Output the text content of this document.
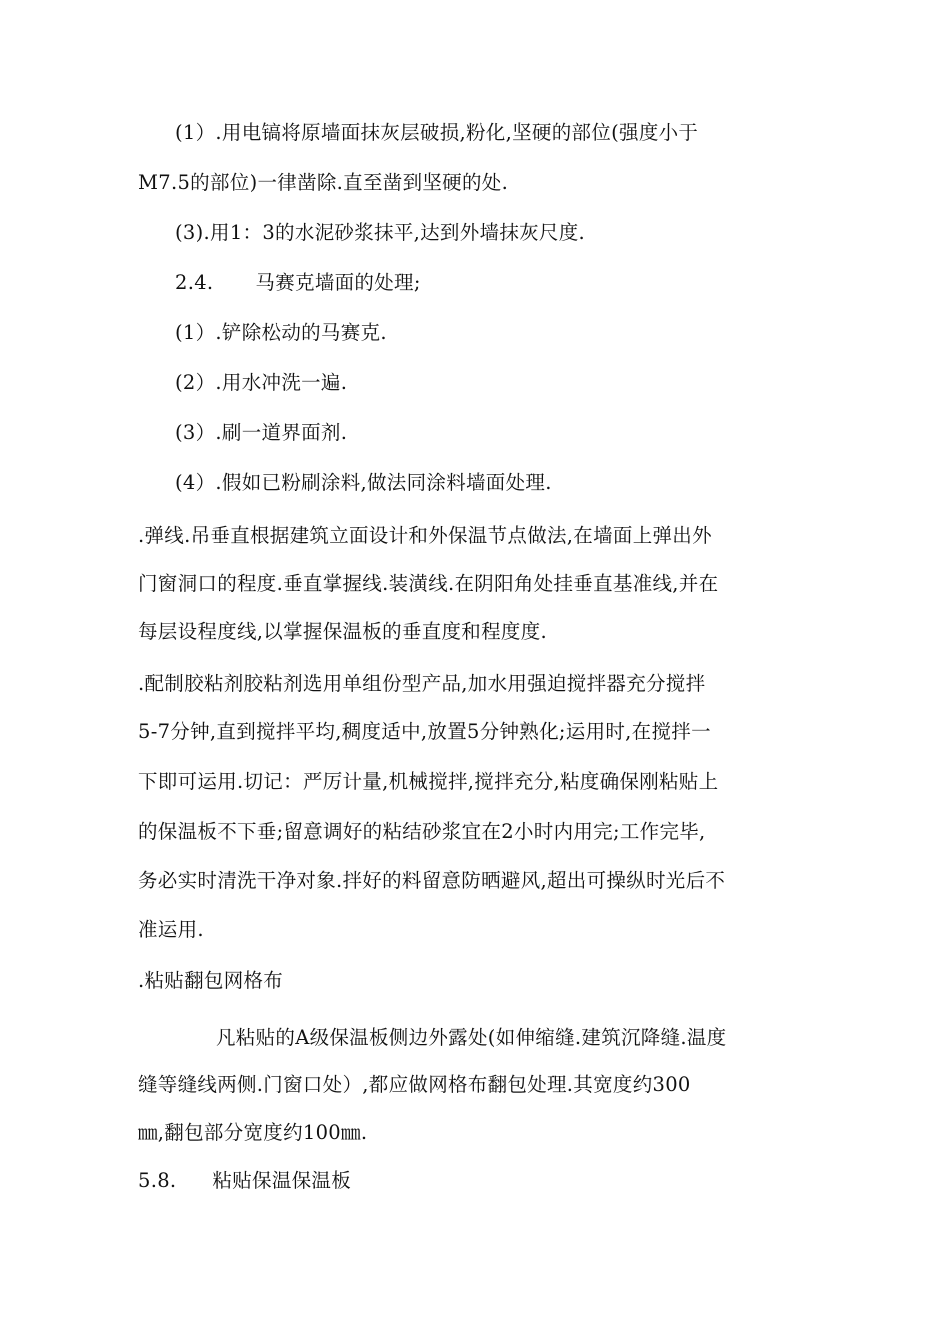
(1）.用电镐将原墙面抹灰层破损,粉化,坚硬的部位(强度小于
M7.5的部位)一律凿除.直至凿到坚硬的处.
(3).用1：3的水泥砂浆抹平,达到外墙抹灰尺度.
2.4. 马赛克墙面的处理;
(1）.铲除松动的马赛克.
(2）.用水冲洗一遍.
(3）.刷一道界面剂.
(4）.假如已粉刷涂料,做法同涂料墙面处理.
.弹线.吊垂直根据建筑立面设计和外保温节点做法,在墙面上弹出外
门窗洞口的程度.垂直掌握线.装潢线.在阴阳角处挂垂直基准线,并在
每层设程度线,以掌握保温板的垂直度和程度度.
.配制胶粘剂胶粘剂选用单组份型产品,加水用强迫搅拌器充分搅拌
5-7分钟,直到搅拌平均,稠度适中,放置5分钟熟化;运用时,在搅拌一
下即可运用.切记：严厉计量,机械搅拌,搅拌充分,粘度确保刚粘贴上
的保温板不下垂;留意调好的粘结砂浆宜在2小时内用完;工作完毕,
务必实时清洗干净对象.拌好的料留意防晒避风,超出可操纵时光后不
准运用.
.粘贴翻包网格布
凡粘贴的A级保温板侧边外露处(如伸缩缝.建筑沉降缝.温度
缝等缝线两侧.门窗口处）,都应做网格布翻包处理.其宽度约300
㎜,翻包部分宽度约100㎜.
5.8. 粘贴保温保温板
